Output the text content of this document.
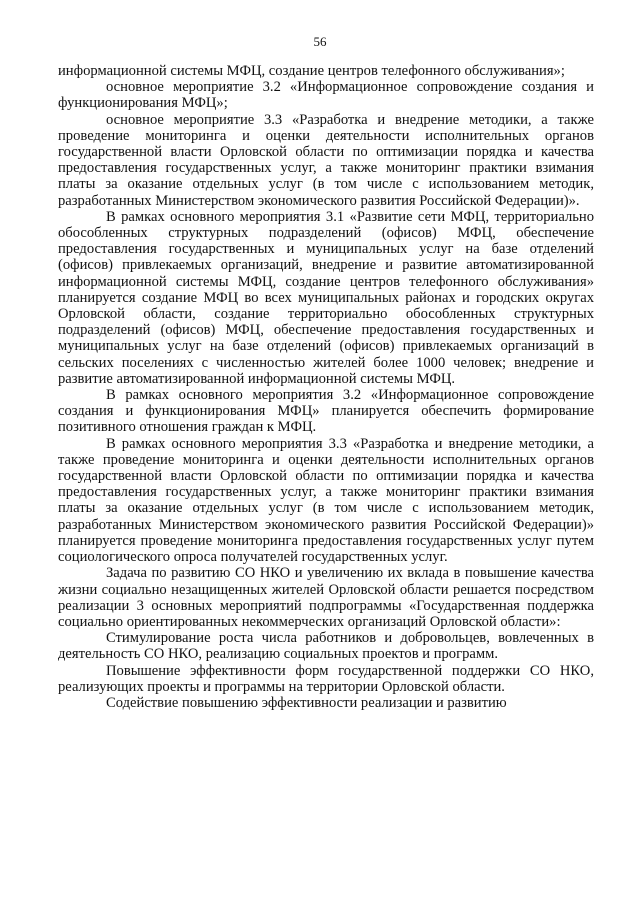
56

информационной системы МФЦ, создание центров телефонного обслуживания»;

основное мероприятие 3.2 «Информационное сопровождение создания и функционирования МФЦ»;

основное мероприятие 3.3 «Разработка и внедрение методики, а также проведение мониторинга и оценки деятельности исполнительных органов государственной власти Орловской области по оптимизации порядка и качества предоставления государственных услуг, а также мониторинг практики взимания платы за оказание отдельных услуг (в том числе с использованием методик, разработанных Министерством экономического развития Российской Федерации)».

В рамках основного мероприятия 3.1 «Развитие сети МФЦ, территориально обособленных структурных подразделений (офисов) МФЦ, обеспечение предоставления государственных и муниципальных услуг на базе отделений (офисов) привлекаемых организаций, внедрение и развитие автоматизированной информационной системы МФЦ, создание центров телефонного обслуживания» планируется создание МФЦ во всех муниципальных районах и городских округах Орловской области, создание территориально обособленных структурных подразделений (офисов) МФЦ, обеспечение предоставления государственных и муниципальных услуг на базе отделений (офисов) привлекаемых организаций в сельских поселениях с численностью жителей более 1000 человек; внедрение и развитие автоматизированной информационной системы МФЦ.

В рамках основного мероприятия 3.2 «Информационное сопровождение создания и функционирования МФЦ» планируется обеспечить формирование позитивного отношения граждан к МФЦ.

В рамках основного мероприятия 3.3 «Разработка и внедрение методики, а также проведение мониторинга и оценки деятельности исполнительных органов государственной власти Орловской области по оптимизации порядка и качества предоставления государственных услуг, а также мониторинг практики взимания платы за оказание отдельных услуг (в том числе с использованием методик, разработанных Министерством экономического развития Российской Федерации)» планируется проведение мониторинга предоставления государственных услуг путем социологического опроса получателей государственных услуг.

Задача по развитию СО НКО и увеличению их вклада в повышение качества жизни социально незащищенных жителей Орловской области решается посредством реализации 3 основных мероприятий подпрограммы «Государственная поддержка социально ориентированных некоммерческих организаций Орловской области»:

Стимулирование роста числа работников и добровольцев, вовлеченных в деятельность СО НКО, реализацию социальных проектов и программ.

Повышение эффективности форм государственной поддержки СО НКО, реализующих проекты и программы на территории Орловской области.

Содействие повышению эффективности реализации и развитию
